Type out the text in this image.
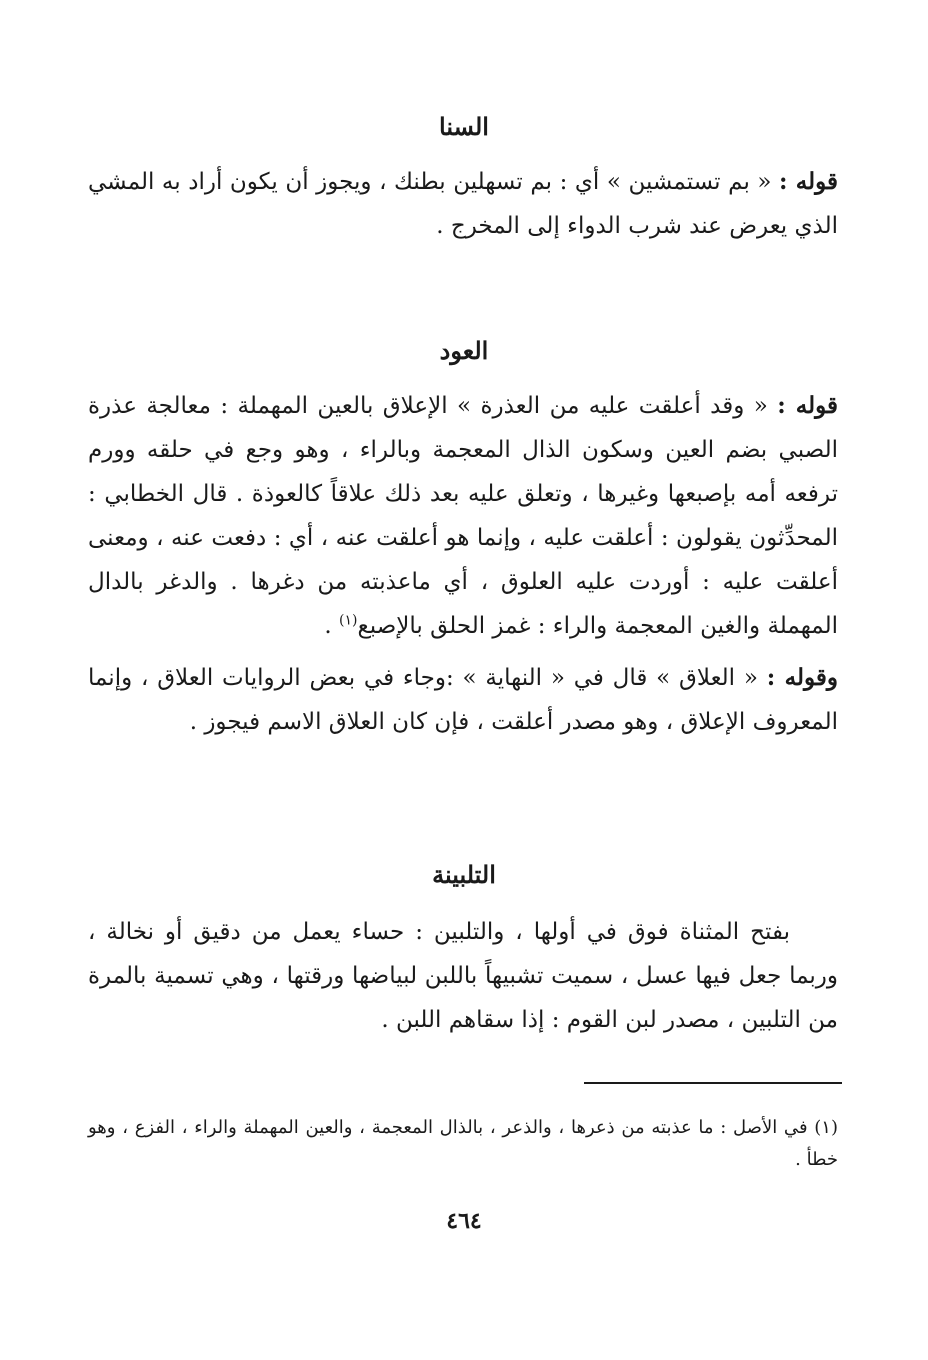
السنا

قوله : « بم تستمشين » أي : بم تسهلين بطنك ، ويجوز أن يكون أراد به المشي الذي يعرض عند شرب الدواء إلى المخرج .

العود

قوله : « وقد أعلقت عليه من العذرة » الإعلاق بالعين المهملة : معالجة عذرة الصبي بضم العين وسكون الذال المعجمة وبالراء ، وهو وجع في حلقه وورم ترفعه أمه بإصبعها وغيرها ، وتعلق عليه بعد ذلك علاقاً كالعوذة . قال الخطابي : المحدِّثون يقولون : أعلقت عليه ، وإنما هو أعلقت عنه ، أي : دفعت عنه ، ومعنى أعلقت عليه : أوردت عليه العلوق ، أي ماعذبته من دغرها . والدغر بالدال المهملة والغين المعجمة والراء : غمز الحلق بالإصبع$^{(١)}$ .

وقوله : « العلاق » قال في « النهاية » :وجاء في بعض الروايات العلاق ، وإنما المعروف الإعلاق ، وهو مصدر أعلقت ، فإن كان العلاق الاسم فيجوز .

التلبينة

بفتح المثناة فوق في أولها ، والتلبين : حساء يعمل من دقيق أو نخالة ، وربما جعل فيها عسل ، سميت تشبيهاً باللبن لبياضها ورقتها ، وهي تسمية بالمرة من التلبين ، مصدر لبن القوم : إذا سقاهم اللبن .

(١) في الأصل : ما عذبته من ذعرها ، والذعر ، بالذال المعجمة ، والعين المهملة والراء ، الفزع ، وهو خطأ .
٤٦٤
